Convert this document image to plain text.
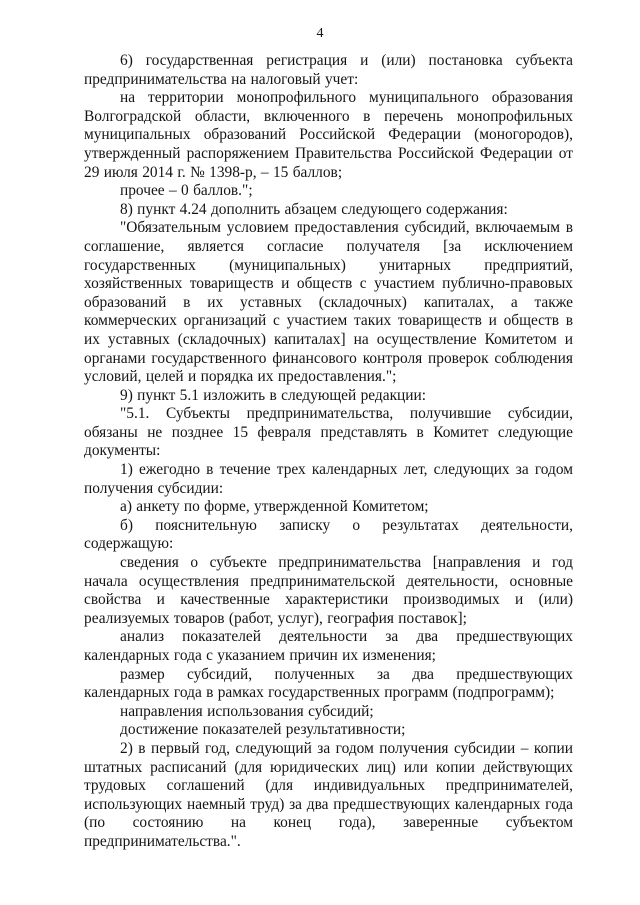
4

6) государственная регистрация и (или) постановка субъекта предпринимательства на налоговый учет:

на территории монопрофильного муниципального образования Волгоградской области, включенного в перечень монопрофильных муниципальных образований Российской Федерации (моногородов), утвержденный распоряжением Правительства Российской Федерации от 29 июля 2014 г. № 1398-р, – 15 баллов;

прочее – 0 баллов.";

8) пункт 4.24 дополнить абзацем следующего содержания:

"Обязательным условием предоставления субсидий, включаемым в соглашение, является согласие получателя [за исключением государственных (муниципальных) унитарных предприятий, хозяйственных товариществ и обществ с участием публично-правовых образований в их уставных (складочных) капиталах, а также коммерческих организаций с участием таких товариществ и обществ в их уставных (складочных) капиталах] на осуществление Комитетом и органами государственного финансового контроля проверок соблюдения условий, целей и порядка их предоставления.";

9) пункт 5.1 изложить в следующей редакции:

"5.1. Субъекты предпринимательства, получившие субсидии, обязаны не позднее 15 февраля представлять в Комитет следующие документы:

1) ежегодно в течение трех календарных лет, следующих за годом получения субсидии:

а) анкету по форме, утвержденной Комитетом;

б) пояснительную записку о результатах деятельности, содержащую:

сведения о субъекте предпринимательства [направления и год начала осуществления предпринимательской деятельности, основные свойства и качественные характеристики производимых и (или) реализуемых товаров (работ, услуг), география поставок];

анализ показателей деятельности за два предшествующих календарных года с указанием причин их изменения;

размер субсидий, полученных за два предшествующих календарных года в рамках государственных программ (подпрограмм);

направления использования субсидий;

достижение показателей результативности;

2) в первый год, следующий за годом получения субсидии – копии штатных расписаний (для юридических лиц) или копии действующих трудовых соглашений (для индивидуальных предпринимателей, использующих наемный труд) за два предшествующих календарных года (по состоянию на конец года), заверенные субъектом предпринимательства.".
